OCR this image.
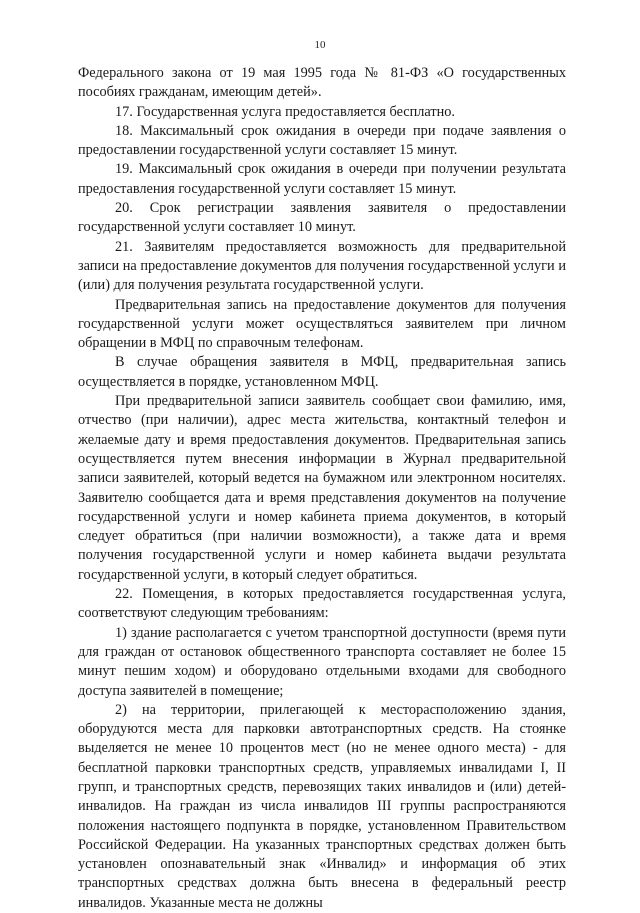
10

Федерального закона от 19 мая 1995 года № 81-ФЗ «О государственных пособиях гражданам, имеющим детей».

17. Государственная услуга предоставляется бесплатно.

18. Максимальный срок ожидания в очереди при подаче заявления о предоставлении государственной услуги составляет 15 минут.

19. Максимальный срок ожидания в очереди при получении результата предоставления государственной услуги составляет 15 минут.

20. Срок регистрации заявления заявителя о предоставлении государственной услуги составляет 10 минут.

21. Заявителям предоставляется возможность для предварительной записи на предоставление документов для получения государственной услуги и (или) для получения результата государственной услуги.

Предварительная запись на предоставление документов для получения государственной услуги может осуществляться заявителем при личном обращении в МФЦ по справочным телефонам.

В случае обращения заявителя в МФЦ, предварительная запись осуществляется в порядке, установленном МФЦ.

При предварительной записи заявитель сообщает свои фамилию, имя, отчество (при наличии), адрес места жительства, контактный телефон и желаемые дату и время предоставления документов. Предварительная запись осуществляется путем внесения информации в Журнал предварительной записи заявителей, который ведется на бумажном или электронном носителях. Заявителю сообщается дата и время представления документов на получение государственной услуги и номер кабинета приема документов, в который следует обратиться (при наличии возможности), а также дата и время получения государственной услуги и номер кабинета выдачи результата государственной услуги, в который следует обратиться.

22. Помещения, в которых предоставляется государственная услуга, соответствуют следующим требованиям:

1) здание располагается с учетом транспортной доступности (время пути для граждан от остановок общественного транспорта составляет не более 15 минут пешим ходом) и оборудовано отдельными входами для свободного доступа заявителей в помещение;

2) на территории, прилегающей к месторасположению здания, оборудуются места для парковки автотранспортных средств. На стоянке выделяется не менее 10 процентов мест (но не менее одного места) - для бесплатной парковки транспортных средств, управляемых инвалидами I, II групп, и транспортных средств, перевозящих таких инвалидов и (или) детей-инвалидов. На граждан из числа инвалидов III группы распространяются положения настоящего подпункта в порядке, установленном Правительством Российской Федерации. На указанных транспортных средствах должен быть установлен опознавательный знак «Инвалид» и информация об этих транспортных средствах должна быть внесена в федеральный реестр инвалидов. Указанные места не должны
